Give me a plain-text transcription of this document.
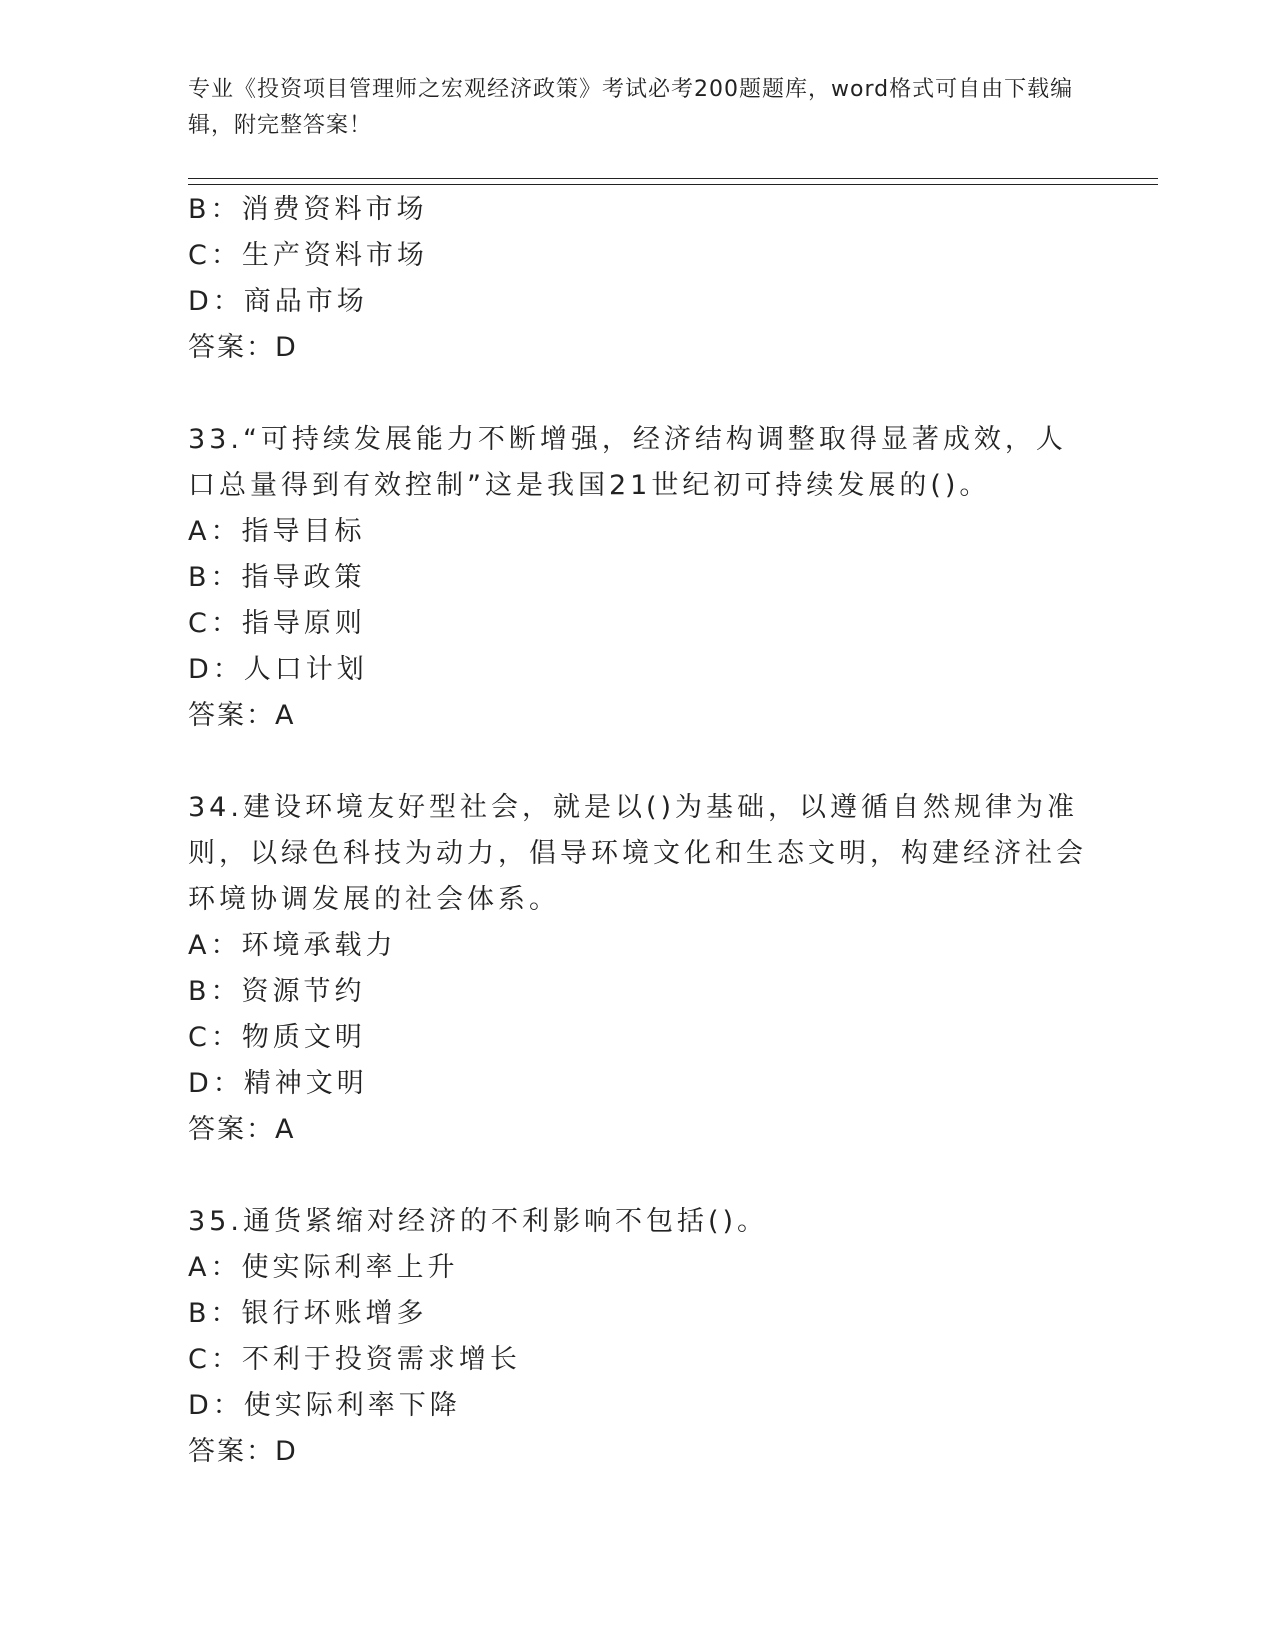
专业《投资项目管理师之宏观经济政策》考试必考200题题库，word格式可自由下载编辑，附完整答案！
B：消费资料市场
C：生产资料市场
D：商品市场
答案：D
33.“可持续发展能力不断增强，经济结构调整取得显著成效，人口总量得到有效控制”这是我国21世纪初可持续发展的()。
A：指导目标
B：指导政策
C：指导原则
D：人口计划
答案：A
34.建设环境友好型社会，就是以()为基础，以遵循自然规律为准则，以绿色科技为动力，倡导环境文化和生态文明，构建经济社会环境协调发展的社会体系。
A：环境承载力
B：资源节约
C：物质文明
D：精神文明
答案：A
35.通货紧缩对经济的不利影响不包括()。
A：使实际利率上升
B：银行坏账增多
C：不利于投资需求增长
D：使实际利率下降
答案：D
